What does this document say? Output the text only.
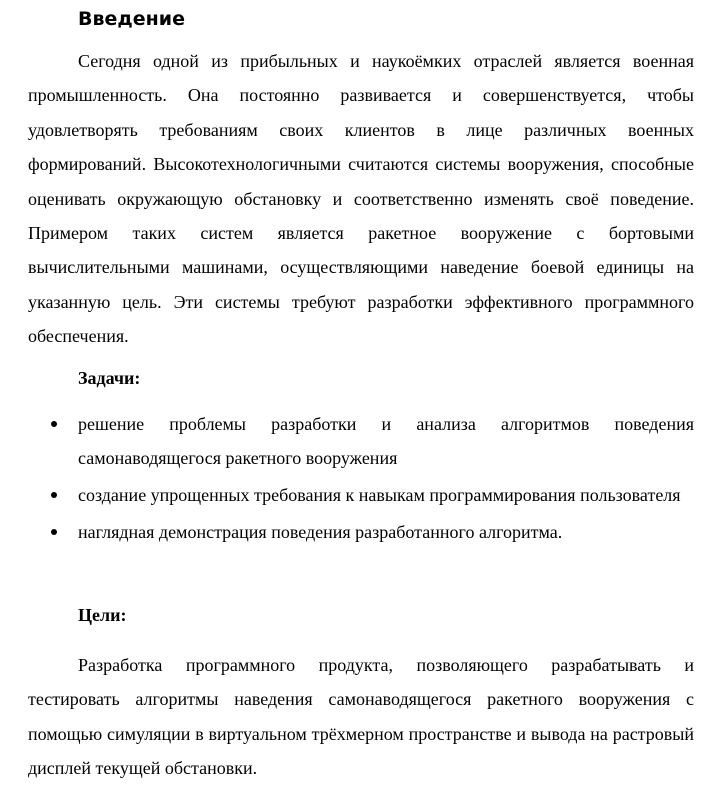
Введение

Сегодня одной из прибыльных и наукоёмких отраслей является военная промышленность. Она постоянно развивается и совершенствуется, чтобы удовлетворять требованиям своих клиентов в лице различных военных формирований. Высокотехнологичными считаются системы вооружения, способные оценивать окружающую обстановку и соответственно изменять своё поведение. Примером таких систем является ракетное вооружение с бортовыми вычислительными машинами, осуществляющими наведение боевой единицы на указанную цель. Эти системы требуют разработки эффективного программного обеспечения.

Задачи:
решение проблемы разработки и анализа алгоритмов поведения самонаводящегося ракетного вооружения
создание упрощенных требования к навыкам программирования пользователя
наглядная демонстрация поведения разработанного алгоритма.
Цели:

Разработка программного продукта, позволяющего разрабатывать и тестировать алгоритмы наведения самонаводящегося ракетного вооружения с помощью симуляции в виртуальном трёхмерном пространстве и вывода на растровый дисплей текущей обстановки.
